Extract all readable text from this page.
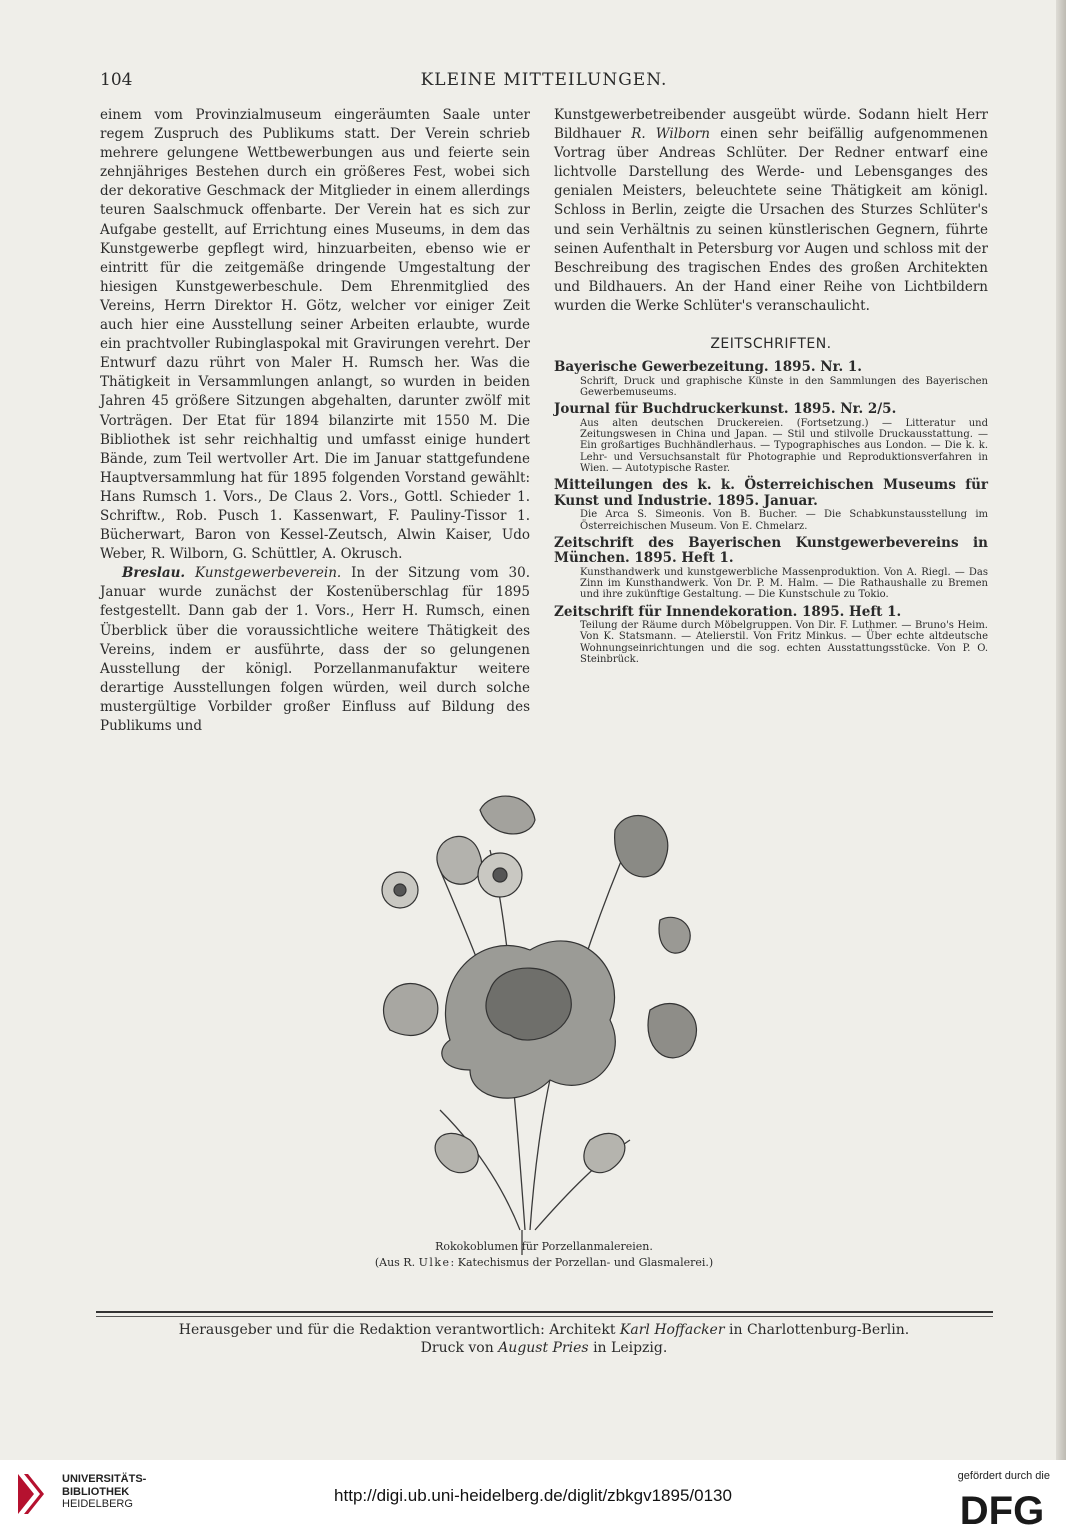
104	KLEINE MITTEILUNGEN.

einem vom Provinzialmuseum eingeräumten Saale unter regem Zuspruch des Publikums statt. Der Verein schrieb mehrere gelungene Wettbewerbungen aus und feierte sein zehnjähriges Bestehen durch ein größeres Fest, wobei sich der dekorative Geschmack der Mitglieder in einem allerdings teuren Saalschmuck offenbarte. Der Verein hat es sich zur Aufgabe gestellt, auf Errichtung eines Museums, in dem das Kunstgewerbe gepflegt wird, hinzuarbeiten, ebenso wie er eintritt für die zeitgemäße dringende Umgestaltung der hiesigen Kunstgewerbeschule. Dem Ehrenmitglied des Vereins, Herrn Direktor H. Götz, welcher vor einiger Zeit auch hier eine Ausstellung seiner Arbeiten erlaubte, wurde ein prachtvoller Rubinglaspokal mit Gravirungen verehrt. Der Entwurf dazu rührt von Maler H. Rumsch her. Was die Thätigkeit in Versammlungen anlangt, so wurden in beiden Jahren 45 größere Sitzungen abgehalten, darunter zwölf mit Vorträgen. Der Etat für 1894 bilanzirte mit 1550 M. Die Bibliothek ist sehr reichhaltig und umfasst einige hundert Bände, zum Teil wertvoller Art. Die im Januar stattgefundene Hauptversammlung hat für 1895 folgenden Vorstand gewählt: Hans Rumsch 1. Vors., De Claus 2. Vors., Gottl. Schieder 1. Schriftw., Rob. Pusch 1. Kassenwart, F. Pauliny-Tissor 1. Bücherwart, Baron von Kessel-Zeutsch, Alwin Kaiser, Udo Weber, R. Wilborn, G. Schüttler, A. Okrusch.

Breslau. Kunstgewerbeverein. In der Sitzung vom 30. Januar wurde zunächst der Kostenüberschlag für 1895 festgestellt. Dann gab der 1. Vors., Herr H. Rumsch, einen Überblick über die voraussichtliche weitere Thätigkeit des Vereins, indem er ausführte, dass der so gelungenen Ausstellung der königl. Porzellanmanufaktur weitere derartige Ausstellungen folgen würden, weil durch solche mustergültige Vorbilder großer Einfluss auf Bildung des Publikums und

Kunstgewerbetreibender ausgeübt würde. Sodann hielt Herr Bildhauer R. Wilborn einen sehr beifällig aufgenommenen Vortrag über Andreas Schlüter. Der Redner entwarf eine lichtvolle Darstellung des Werde- und Lebensganges des genialen Meisters, beleuchtete seine Thätigkeit am königl. Schloss in Berlin, zeigte die Ursachen des Sturzes Schlüter's und sein Verhältnis zu seinen künstlerischen Gegnern, führte seinen Aufenthalt in Petersburg vor Augen und schloss mit der Beschreibung des tragischen Endes des großen Architekten und Bildhauers. An der Hand einer Reihe von Lichtbildern wurden die Werke Schlüter's veranschaulicht.

ZEITSCHRIFTEN.

Bayerische Gewerbezeitung. 1895. Nr. 1.

Schrift, Druck und graphische Künste in den Sammlungen des Bayerischen Gewerbemuseums.

Journal für Buchdruckerkunst. 1895. Nr. 2/5.

Aus alten deutschen Druckereien. (Fortsetzung.) — Litteratur und Zeitungswesen in China und Japan. — Stil und stilvolle Druckausstattung. — Ein großartiges Buchhändlerhaus. — Typographisches aus London. — Die k. k. Lehr- und Versuchsanstalt für Photographie und Reproduktionsverfahren in Wien. — Autotypische Raster.

Mitteilungen des k. k. Österreichischen Museums für Kunst und Industrie. 1895. Januar.

Die Arca S. Simeonis. Von B. Bucher. — Die Schabkunstausstellung im Österreichischen Museum. Von E. Chmelarz.

Zeitschrift des Bayerischen Kunstgewerbevereins in München. 1895. Heft 1.

Kunsthandwerk und kunstgewerbliche Massenproduktion. Von A. Riegl. — Das Zinn im Kunsthandwerk. Von Dr. P. M. Halm. — Die Rathaushalle zu Bremen und ihre zukünftige Gestaltung. — Die Kunstschule zu Tokio.

Zeitschrift für Innendekoration. 1895. Heft 1.

Teilung der Räume durch Möbelgruppen. Von Dir. F. Luthmer. — Bruno's Heim. Von K. Statsmann. — Atelierstil. Von Fritz Minkus. — Über echte altdeutsche Wohnungseinrichtungen und die sog. echten Ausstattungsstücke. Von P. O. Steinbrück.

Rokokoblumen für Porzellanmalereien.
(Aus R. Ulke: Katechismus der Porzellan- und Glasmalerei.)
Herausgeber und für die Redaktion verantwortlich: Architekt Karl Hoffacker in Charlottenburg-Berlin.
Druck von August Pries in Leipzig.
UNIVERSITÄTS-
BIBLIOTHEK
HEIDELBERG	http://digi.ub.uni-heidelberg.de/diglit/zbkgv1895/0130
gefördert durch die
DFG
